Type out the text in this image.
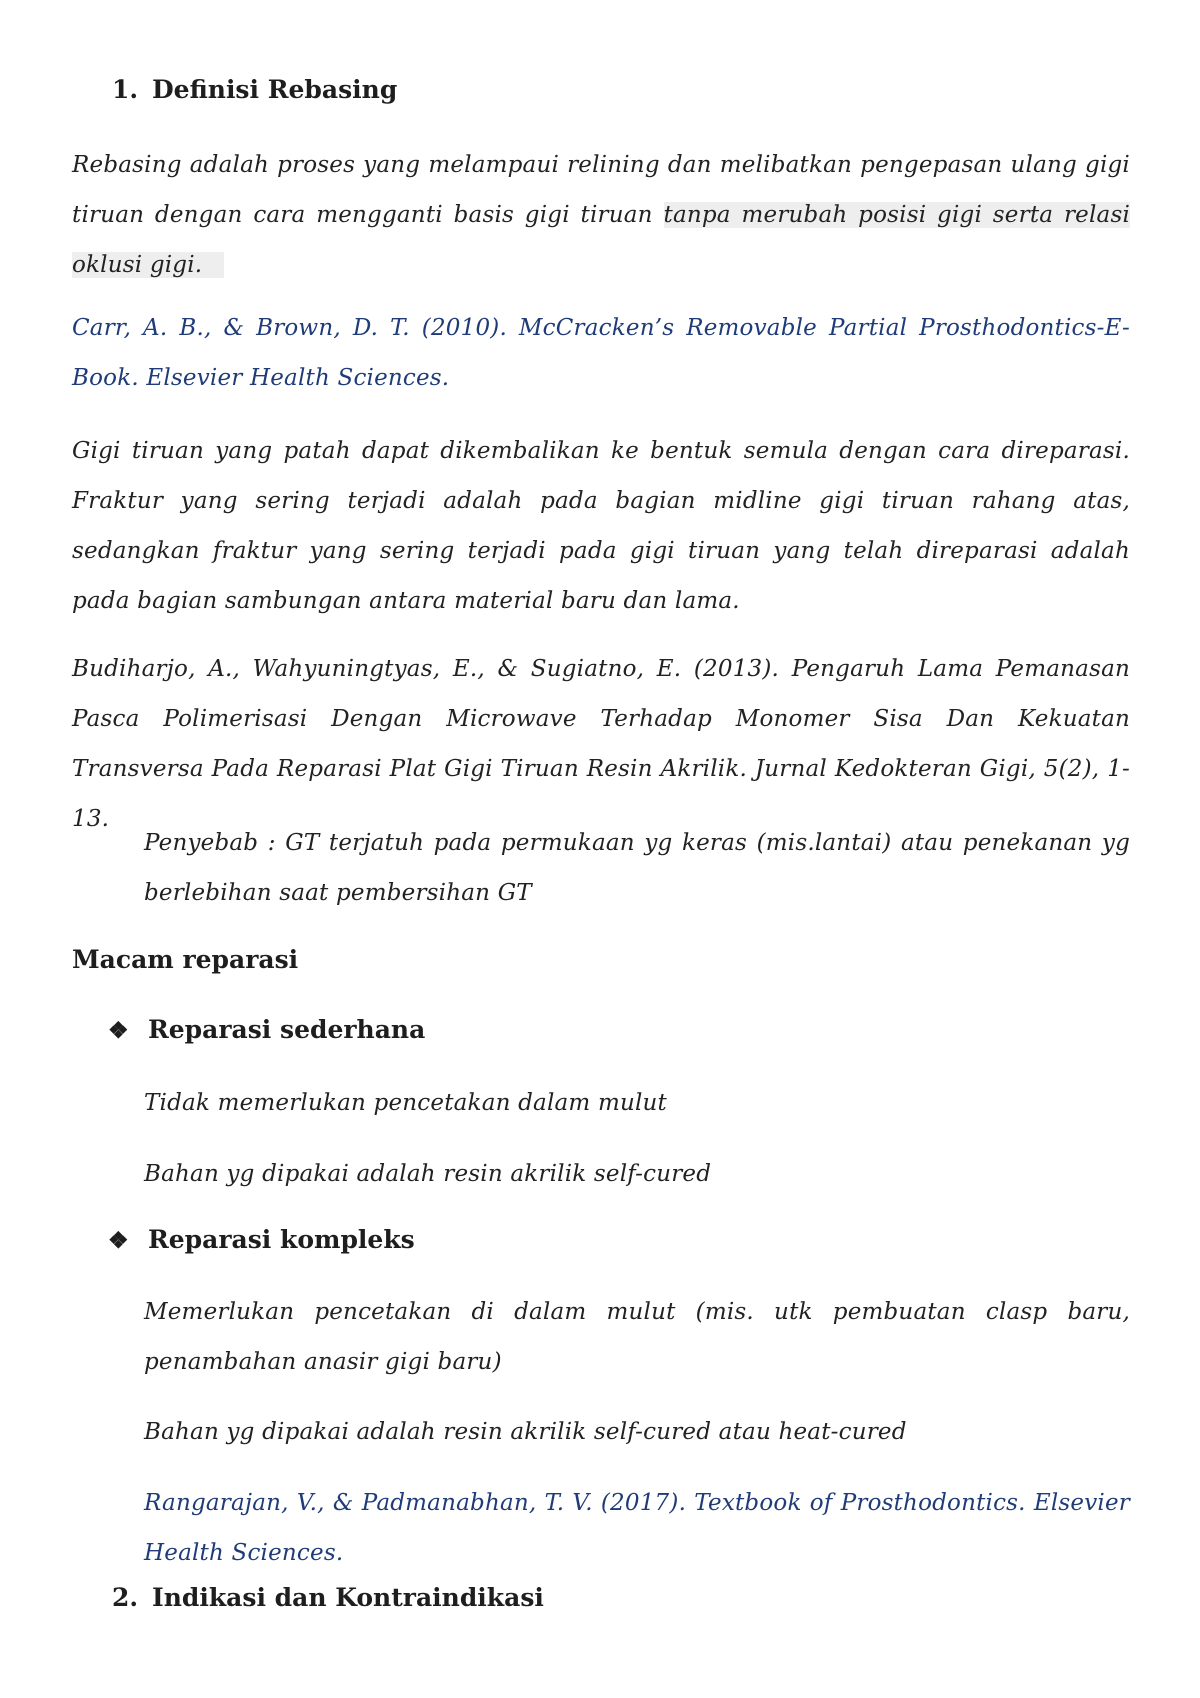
1. Definisi Rebasing

Rebasing adalah proses yang melampaui relining dan melibatkan pengepasan ulang gigi tiruan dengan cara mengganti basis gigi tiruan tanpa merubah posisi gigi serta relasi oklusi gigi.

Carr, A. B., & Brown, D. T. (2010). McCracken’s Removable Partial Prosthodontics-E-Book. Elsevier Health Sciences.

Gigi tiruan yang patah dapat dikembalikan ke bentuk semula dengan cara direparasi. Fraktur yang sering terjadi adalah pada bagian midline gigi tiruan rahang atas, sedangkan fraktur yang sering terjadi pada gigi tiruan yang telah direparasi adalah pada bagian sambungan antara material baru dan lama.

Budiharjo, A., Wahyuningtyas, E., & Sugiatno, E. (2013). Pengaruh Lama Pemanasan Pasca Polimerisasi Dengan Microwave Terhadap Monomer Sisa Dan Kekuatan Transversa Pada Reparasi Plat Gigi Tiruan Resin Akrilik. Jurnal Kedokteran Gigi, 5(2), 1-13.

Penyebab : GT terjatuh pada permukaan yg keras (mis.lantai) atau penekanan yg berlebihan saat pembersihan GT

Macam reparasi
❖ Reparasi sederhana

Tidak memerlukan pencetakan dalam mulut

Bahan yg dipakai adalah resin akrilik self-cured

❖ Reparasi kompleks

Memerlukan pencetakan di dalam mulut (mis. utk pembuatan clasp baru, penambahan anasir gigi baru)

Bahan yg dipakai adalah resin akrilik self-cured atau heat-cured

Rangarajan, V., & Padmanabhan, T. V. (2017). Textbook of Prosthodontics. Elsevier Health Sciences.

2. Indikasi dan Kontraindikasi
